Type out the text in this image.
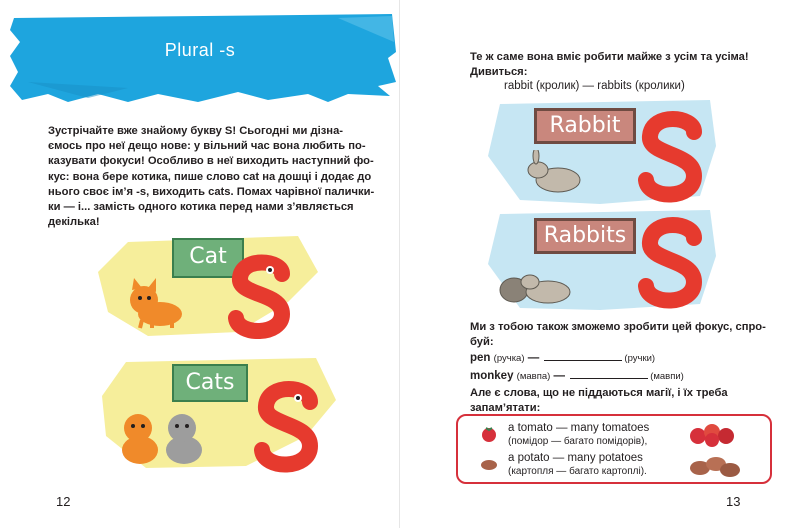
Plural -s
Зустрічайте вже знайому букву S! Сьогодні ми дізна-
ємось про неї дещо нове: у вільний час вона любить по-
казувати фокуси! Особливо в неї виходить наступний фо-
кус: вона бере котика, пише слово cat на дошці і додає до
нього своє ім’я -s, виходить cats. Помах чарівної палички-
ки — і... замість одного котика перед нами з’являється
декілька!
Cat
Cats
12
Те ж саме вона вміє робити майже з усім та усіма!
Дивиться:
rabbit (кролик) — rabbits (кролики)
Rabbit
Rabbits
Ми з тобою також зможемо зробити цей фокус, спро-
буй:
pen (ручка) —	(ручки)
monkey (мавпа) —	(мавпи)
Але є слова, що не піддаються магії, і їх треба
запам’ятати:
a tomato — many tomatoes
(помідор — багато помідорів),
a potato — many potatoes
(картопля — багато картоплі).
13
